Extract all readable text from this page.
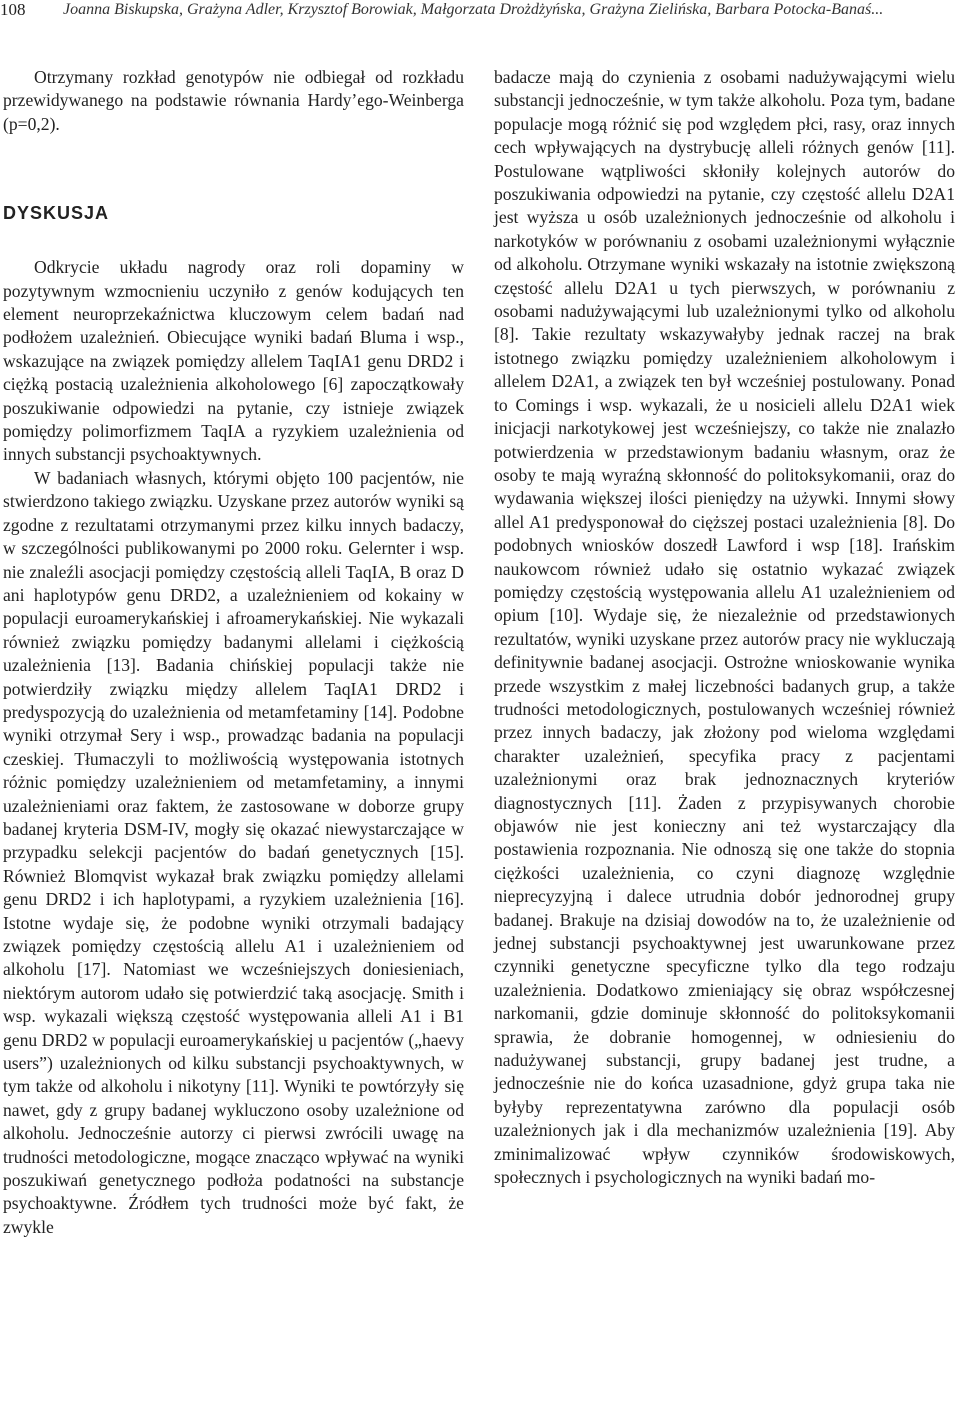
108 Joanna Biskupska, Grażyna Adler, Krzysztof Borowiak, Małgorzata Drożdżyńska, Grażyna Zielińska, Barbara Potocka-Banaś...

Otrzymany rozkład genotypów nie odbiegał od rozkładu przewidywanego na podstawie równania Hardy’ego-Weinberga (p=0,2).

DYSKUSJA

Odkrycie układu nagrody oraz roli dopaminy w pozytywnym wzmocnieniu uczyniło z genów kodujących ten element neuroprzekaźnictwa kluczowym celem badań nad podłożem uzależnień. Obiecujące wyniki badań Bluma i wsp., wskazujące na związek pomiędzy allelem TaqIA1 genu DRD2 i ciężką postacią uzależnienia alkoholowego [6] zapoczątkowały poszukiwanie odpowiedzi na pytanie, czy istnieje związek pomiędzy polimorfizmem TaqIA a ryzykiem uzależnienia od innych substancji psychoaktywnych.

W badaniach własnych, którymi objęto 100 pacjentów, nie stwierdzono takiego związku. Uzyskane przez autorów wyniki są zgodne z rezultatami otrzymanymi przez kilku innych badaczy, w szczególności publikowanymi po 2000 roku. Gelernter i wsp. nie znaleźli asocjacji pomiędzy częstością alleli TaqIA, B oraz D ani haplotypów genu DRD2, a uzależnieniem od kokainy w populacji euroamerykańskiej i afroamerykańskiej. Nie wykazali również związku pomiędzy badanymi allelami i ciężkością uzależnienia [13]. Badania chińskiej populacji także nie potwierdziły związku między allelem TaqIA1 DRD2 i predyspozycją do uzależnienia od metamfetaminy [14]. Podobne wyniki otrzymał Sery i wsp., prowadząc badania na populacji czeskiej. Tłumaczyli to możliwością występowania istotnych różnic pomiędzy uzależnieniem od metamfetaminy, a innymi uzależnieniami oraz faktem, że zastosowane w doborze grupy badanej kryteria DSM-IV, mogły się okazać niewystarczające w przypadku selekcji pacjentów do badań genetycznych [15]. Również Blomqvist wykazał brak związku pomiędzy allelami genu DRD2 i ich haplotypami, a ryzykiem uzależnienia [16]. Istotne wydaje się, że podobne wyniki otrzymali badający związek pomiędzy częstością allelu A1 i uzależnieniem od alkoholu [17]. Natomiast we wcześniejszych doniesieniach, niektórym autorom udało się potwierdzić taką asocjację. Smith i wsp. wykazali większą częstość występowania alleli A1 i B1 genu DRD2 w populacji euroamerykańskiej u pacjentów („haevy users”) uzależnionych od kilku substancji psychoaktywnych, w tym także od alkoholu i nikotyny [11]. Wyniki te powtórzyły się nawet, gdy z grupy badanej wykluczono osoby uzależnione od alkoholu. Jednocześnie autorzy ci pierwsi zwrócili uwagę na trudności metodologiczne, mogące znacząco wpływać na wyniki poszukiwań genetycznego podłoża podatności na substancje psychoaktywne. Źródłem tych trudności może być fakt, że zwykle

badacze mają do czynienia z osobami nadużywającymi wielu substancji jednocześnie, w tym także alkoholu. Poza tym, badane populacje mogą różnić się pod względem płci, rasy, oraz innych cech wpływających na dystrybucję alleli różnych genów [11]. Postulowane wątpliwości skłoniły kolejnych autorów do poszukiwania odpowiedzi na pytanie, czy częstość allelu D2A1 jest wyższa u osób uzależnionych jednocześnie od alkoholu i narkotyków w porównaniu z osobami uzależnionymi wyłącznie od alkoholu. Otrzymane wyniki wskazały na istotnie zwiększoną częstość allelu D2A1 u tych pierwszych, w porównaniu z osobami nadużywającymi lub uzależnionymi tylko od alkoholu [8]. Takie rezultaty wskazywałyby jednak raczej na brak istotnego związku pomiędzy uzależnieniem alkoholowym i allelem D2A1, a związek ten był wcześniej postulowany. Ponad to Comings i wsp. wykazali, że u nosicieli allelu D2A1 wiek inicjacji narkotykowej jest wcześniejszy, co także nie znalazło potwierdzenia w przedstawionym badaniu własnym, oraz że osoby te mają wyraźną skłonność do politoksykomanii, oraz do wydawania większej ilości pieniędzy na używki. Innymi słowy allel A1 predysponował do cięższej postaci uzależnienia [8]. Do podobnych wniosków doszedł Lawford i wsp [18]. Irańskim naukowcom również udało się ostatnio wykazać związek pomiędzy częstością występowania allelu A1 uzależnieniem od opium [10]. Wydaje się, że niezależnie od przedstawionych rezultatów, wyniki uzyskane przez autorów pracy nie wykluczają definitywnie badanej asocjacji. Ostrożne wnioskowanie wynika przede wszystkim z małej liczebności badanych grup, a także trudności metodologicznych, postulowanych wcześniej również przez innych badaczy, jak złożony pod wieloma względami charakter uzależnień, specyfika pracy z pacjentami uzależnionymi oraz brak jednoznacznych kryteriów diagnostycznych [11]. Żaden z przypisywanych chorobie objawów nie jest konieczny ani też wystarczający dla postawienia rozpoznania. Nie odnoszą się one także do stopnia ciężkości uzależnienia, co czyni diagnozę względnie nieprecyzyjną i dalece utrudnia dobór jednorodnej grupy badanej. Brakuje na dzisiaj dowodów na to, że uzależnienie od jednej substancji psychoaktywnej jest uwarunkowane przez czynniki genetyczne specyficzne tylko dla tego rodzaju uzależnienia. Dodatkowo zmieniający się obraz współczesnej narkomanii, gdzie dominuje skłonność do politoksykomanii sprawia, że dobranie homogennej, w odniesieniu do nadużywanej substancji, grupy badanej jest trudne, a jednocześnie nie do końca uzasadnione, gdyż grupa taka nie byłyby reprezentatywna zarówno dla populacji osób uzależnionych jak i dla mechanizmów uzależnienia [19]. Aby zminimalizować wpływ czynników środowiskowych, społecznych i psychologicznych na wyniki badań mo-
